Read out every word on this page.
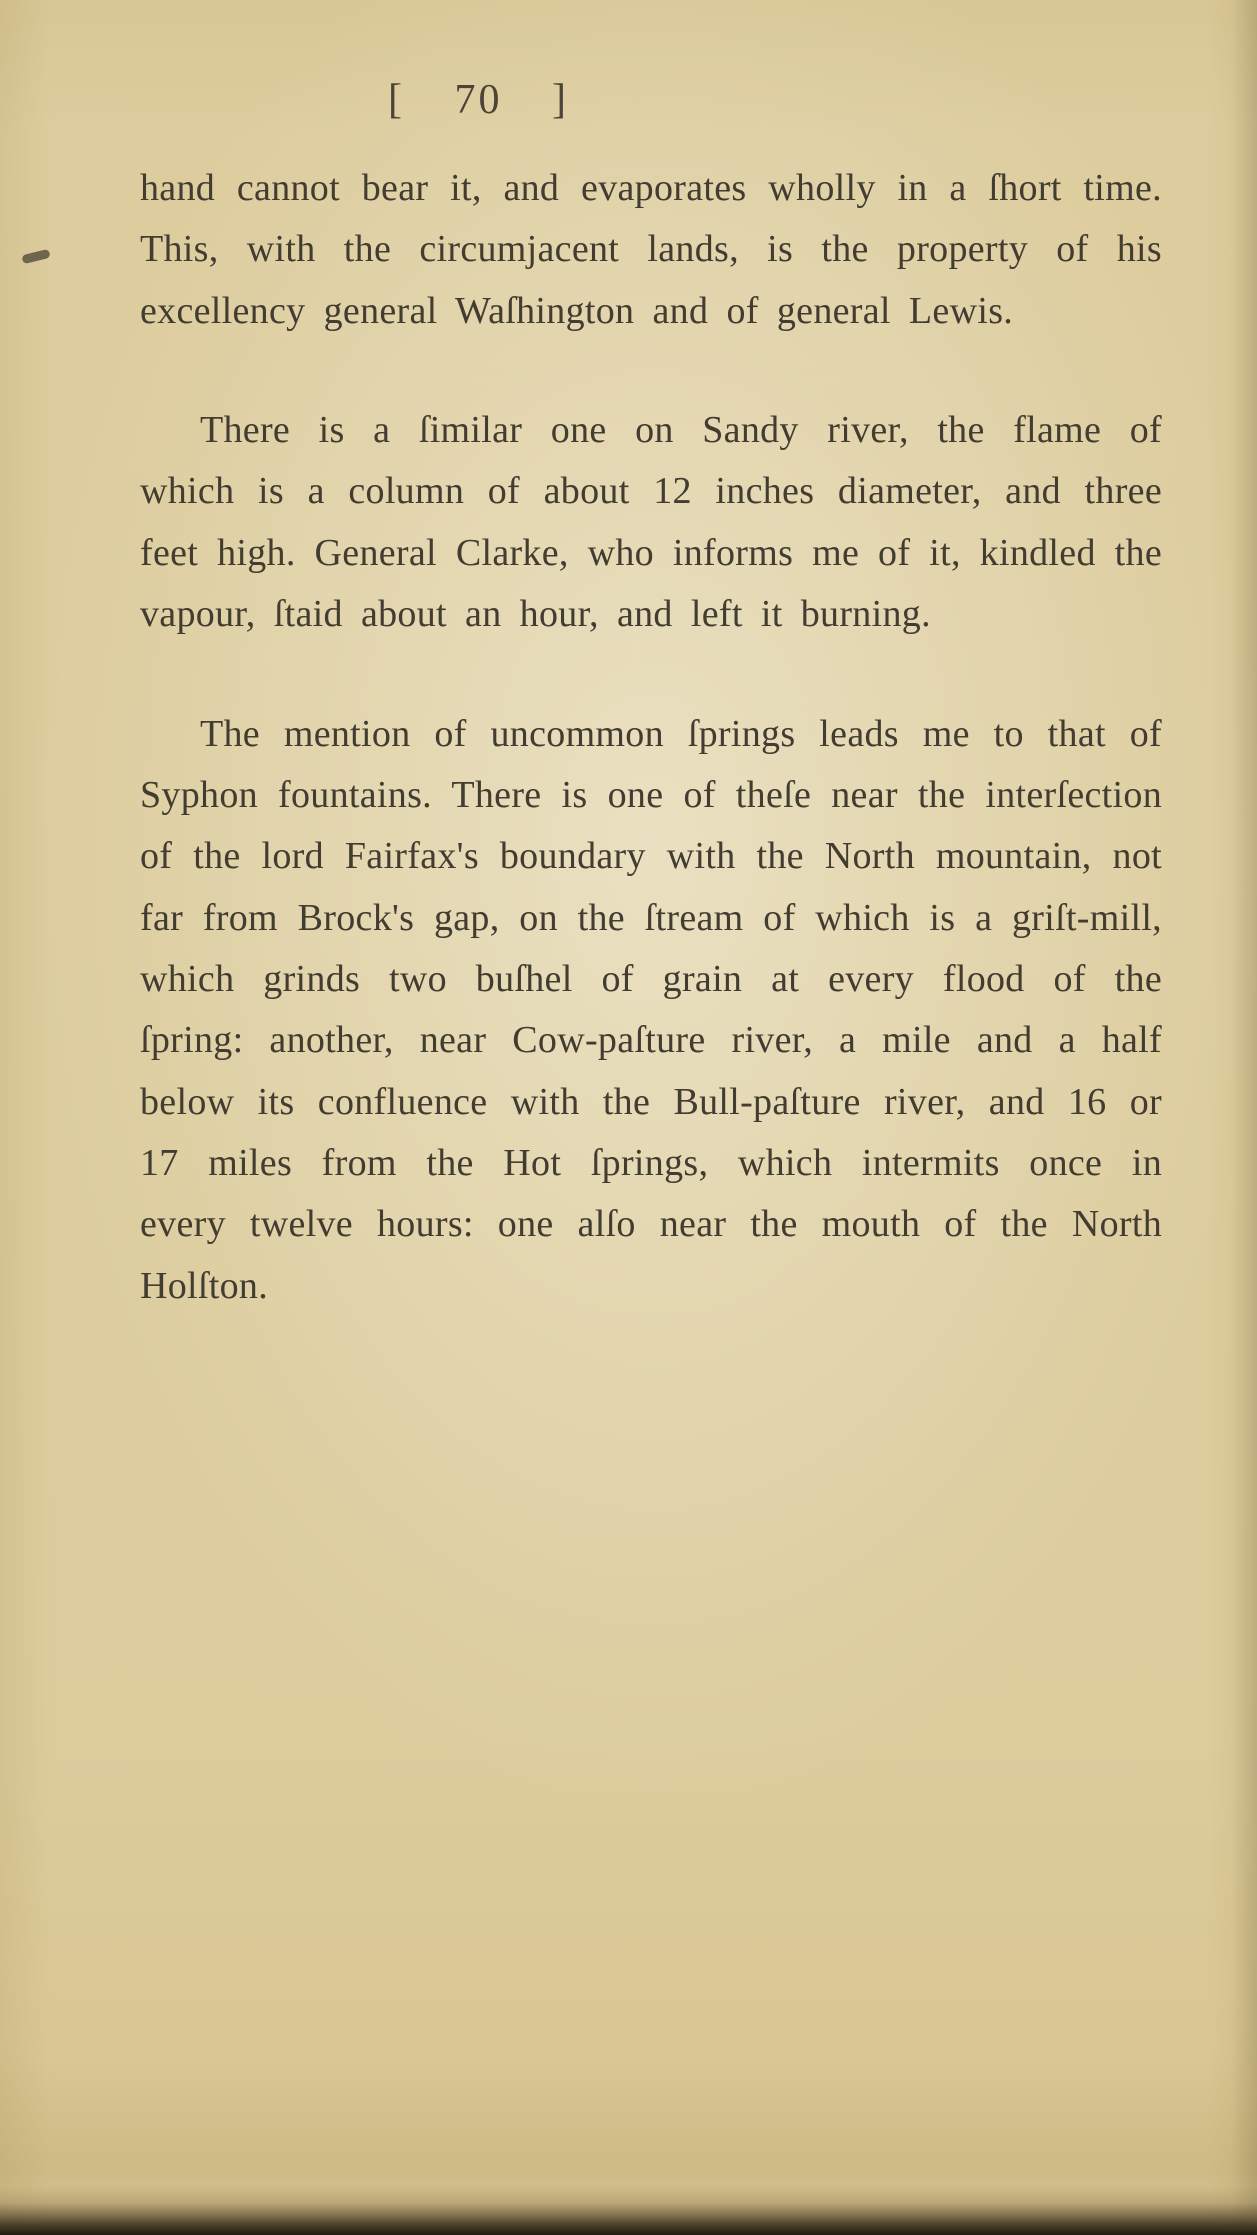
[ 70 ]

hand cannot bear it, and evaporates wholly in a ſhort time. This, with the circumjacent lands, is the property of his excellency general Waſhington and of general Lewis.

There is a ſimilar one on Sandy river, the flame of which is a column of about 12 inches diameter, and three feet high. General Clarke, who informs me of it, kindled the vapour, ſtaid about an hour, and left it burning.

The mention of uncommon ſprings leads me to that of Syphon fountains. There is one of theſe near the interſection of the lord Fairfax's boundary with the North mountain, not far from Brock's gap, on the ſtream of which is a griſt-mill, which grinds two buſhel of grain at every flood of the ſpring: another, near Cow-paſture river, a mile and a half below its confluence with the Bull-paſture river, and 16 or 17 miles from the Hot ſprings, which intermits once in every twelve hours: one alſo near the mouth of the North Holſton.
